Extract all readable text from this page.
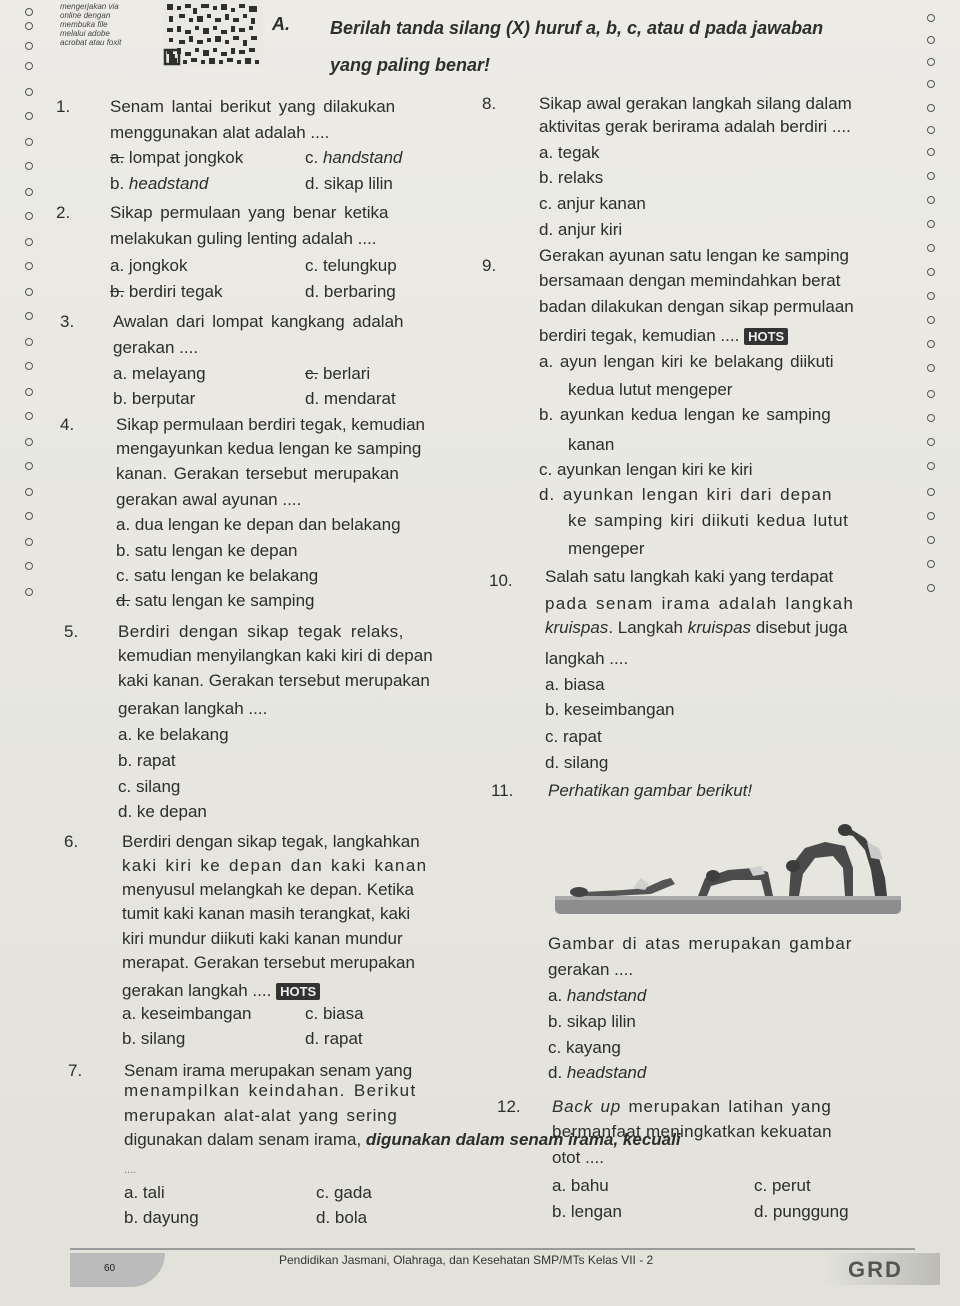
mengerjakan via
online dengan
membuka file
melalui adobe
acrobat atau foxit
A. Berilah tanda silang (X) huruf a, b, c, atau d pada jawaban
yang paling benar!
1. Senam lantai berikut yang dilakukan
menggunakan alat adalah ....
a. lompat jongkok
b. headstand
c. handstand
d. sikap lilin
2. Sikap permulaan yang benar ketika
melakukan guling lenting adalah ....
a. jongkok
b. berdiri tegak
c. telungkup
d. berbaring
3. Awalan dari lompat kangkang adalah
gerakan ....
a. melayang
b. berputar
c. berlari
d. mendarat
4. Sikap permulaan berdiri tegak, kemudian
mengayunkan kedua lengan ke samping
kanan. Gerakan tersebut merupakan
gerakan awal ayunan ....
a. dua lengan ke depan dan belakang
b. satu lengan ke depan
c. satu lengan ke belakang
d. satu lengan ke samping
5. Berdiri dengan sikap tegak relaks,
kemudian menyilangkan kaki kiri di depan
kaki kanan. Gerakan tersebut merupakan
gerakan langkah ....
a. ke belakang
b. rapat
c. silang
d. ke depan
6.	Berdiri dengan sikap tegak, langkahkan
kaki kiri ke depan dan kaki kanan
menyusul melangkah ke depan. Ketika
tumit kaki kanan masih terangkat, kaki
kiri mundur diikuti kaki kanan mundur
merapat. Gerakan tersebut merupakan
gerakan langkah .... HOTS
a. keseimbangan
b. silang
c. biasa
d. rapat
7. Senam irama merupakan senam yang
menampilkan keindahan. Berikut
merupakan alat-alat yang sering
digunakan dalam senam irama, digunakan dalam senam irama, kecuali
....
a. tali
b. dayung
c. gada
d. bola
8.	Sikap awal gerakan langkah silang dalam
aktivitas gerak berirama adalah berdiri ....
a. tegak
b. relaks
c. anjur kanan
d. anjur kiri
9.
Gerakan ayunan satu lengan ke samping
bersamaan dengan memindahkan berat
badan dilakukan dengan sikap permulaan
berdiri tegak, kemudian .... HOTS
a. ayun lengan kiri ke belakang diikuti
kedua lutut mengeper
b. ayunkan kedua lengan ke samping
kanan
c. ayunkan lengan kiri ke kiri
d. ayunkan lengan kiri dari depan
ke samping kiri diikuti kedua lutut
mengeper
10. Salah satu langkah kaki yang terdapat
pada senam irama adalah langkah
kruispas. Langkah kruispas disebut juga
langkah ....
a. biasa
b. keseimbangan
c. rapat
d. silang
11. Perhatikan gambar berikut!
Gambar di atas merupakan gambar
gerakan ....
a. handstand
b. sikap lilin
c. kayang
d. headstand
12. Back up merupakan latihan yang
bermanfaat meningkatkan kekuatan
otot ....
a. bahu
b. lengan
c. perut
d. punggung
60
Pendidikan Jasmani, Olahraga, dan Kesehatan SMP/MTs Kelas VII - 2	GRD
